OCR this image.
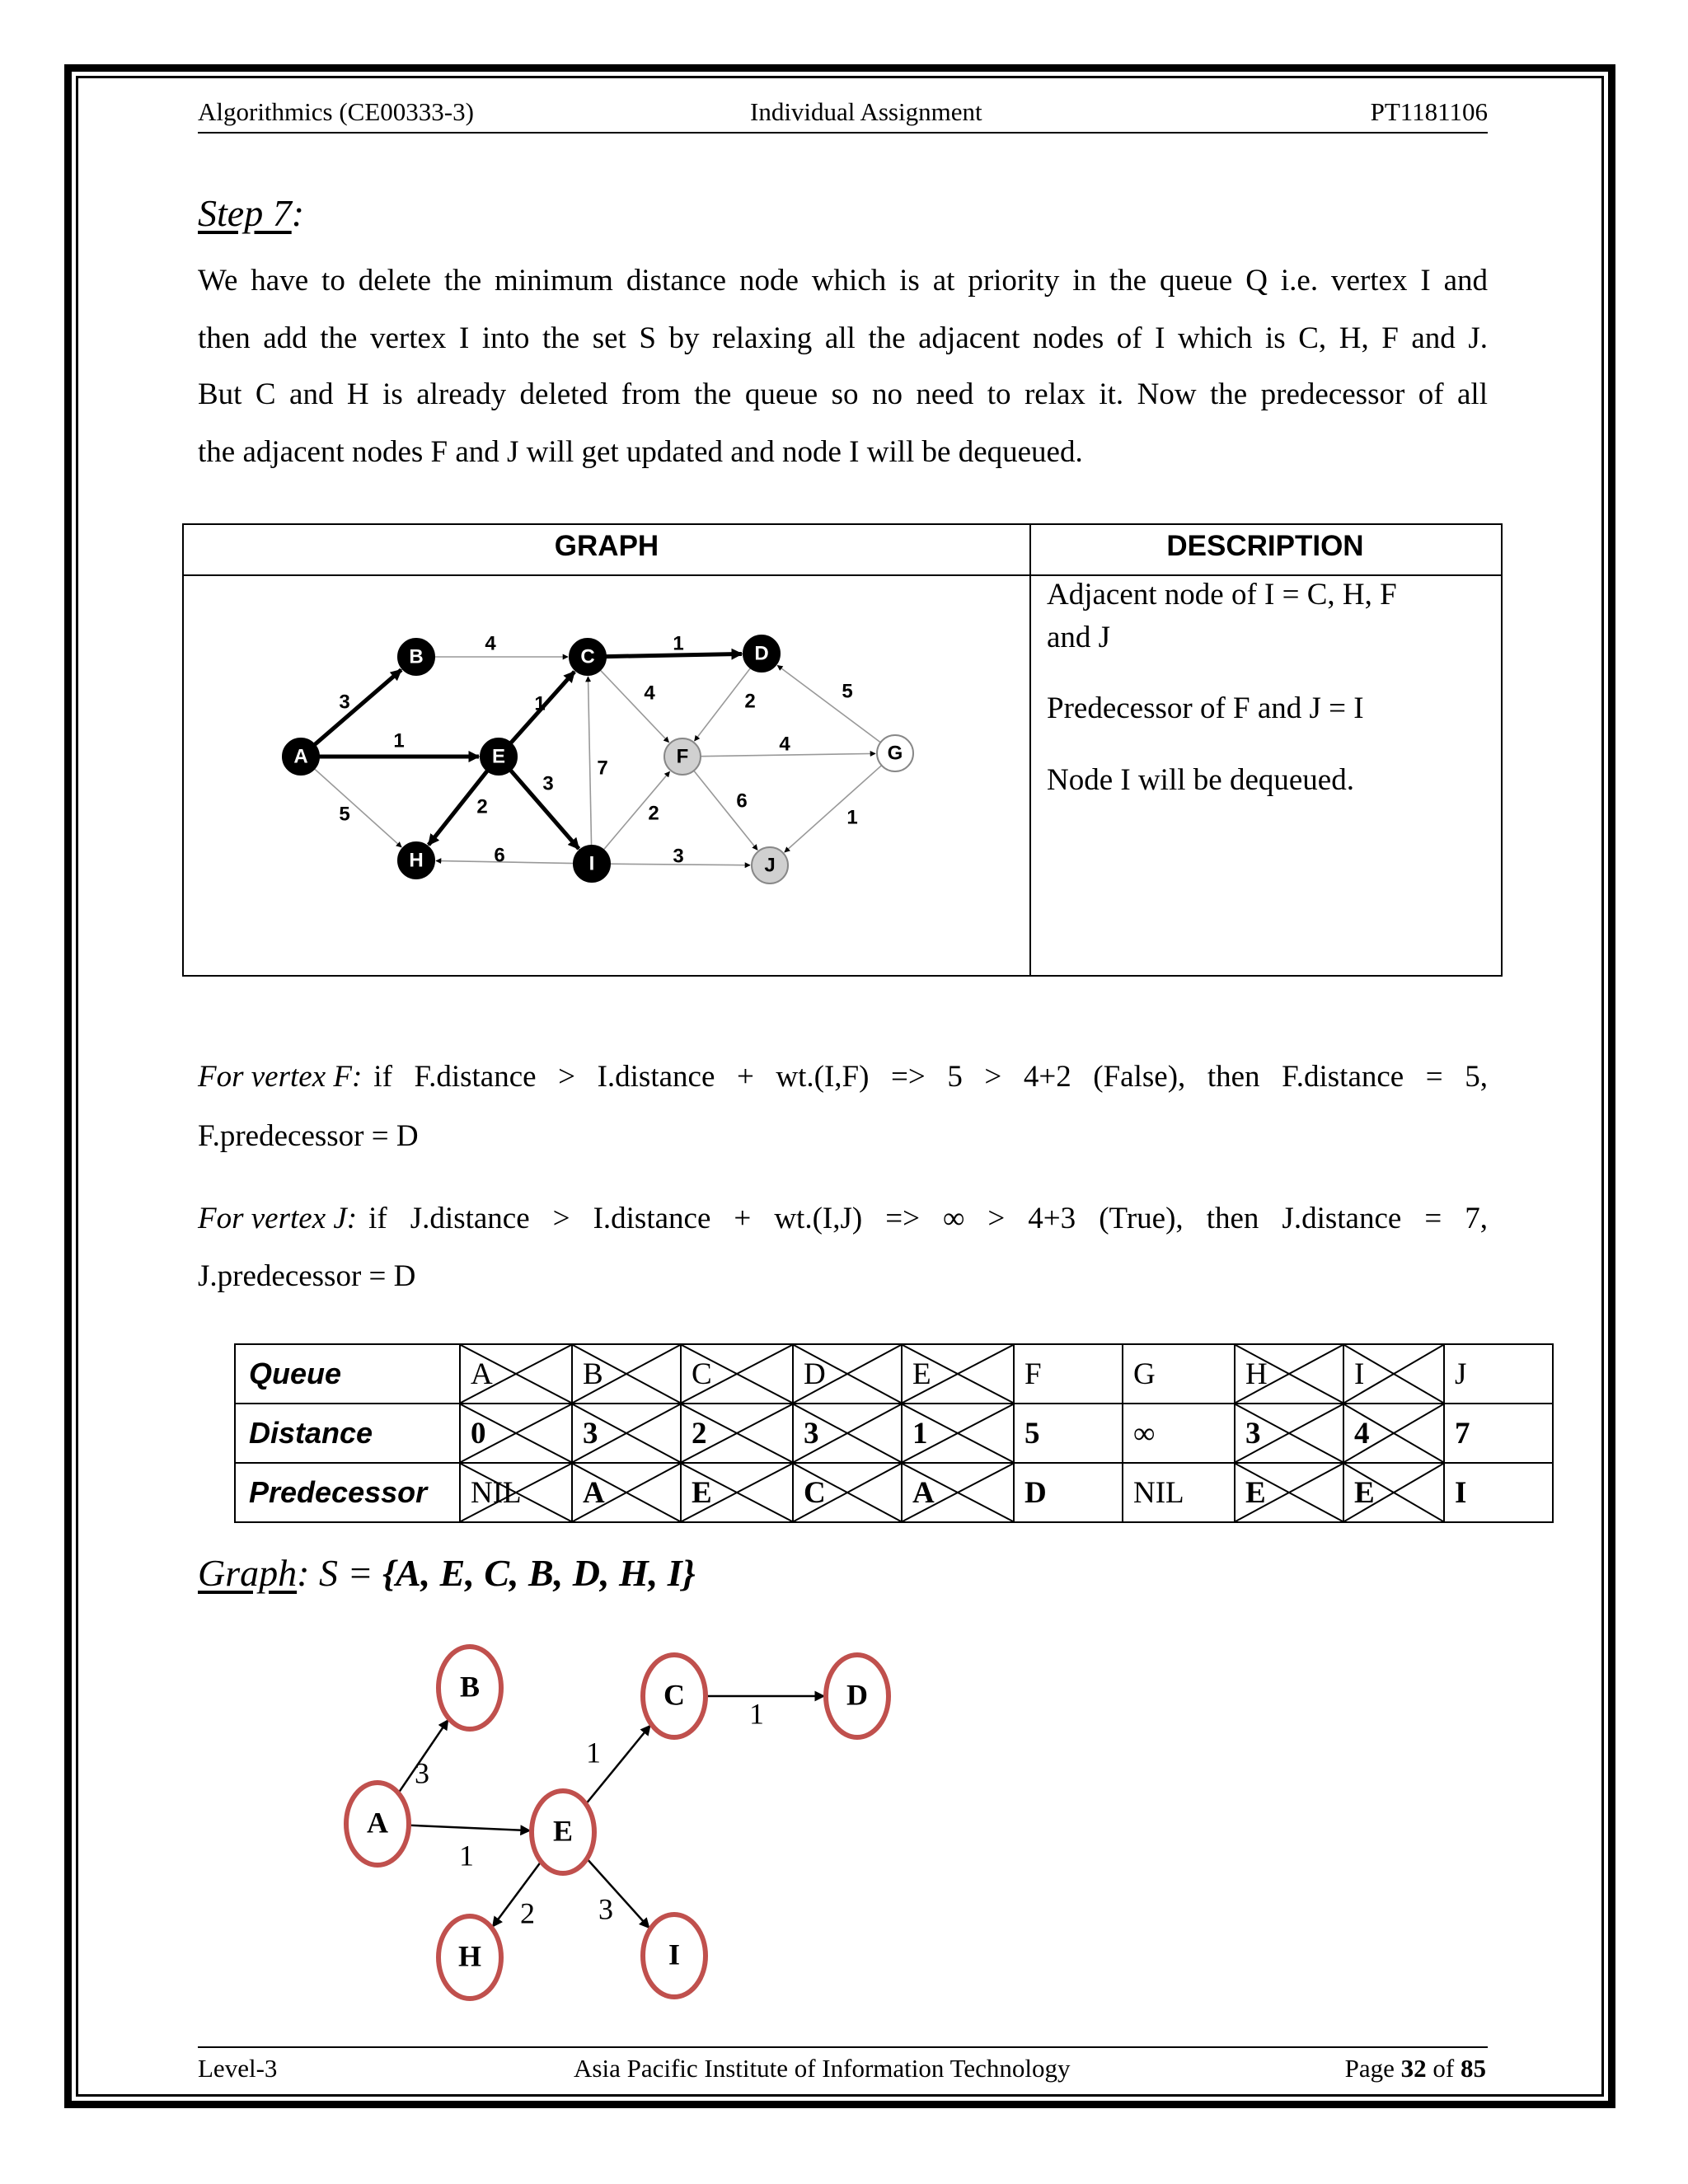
Algorithmics (CE00333-3)	Individual Assignment	PT1181106
Step 7:
We have to delete the minimum distance node which is at priority in the queue Q i.e. vertex I and
then add the vertex I into the set S by relaxing all the adjacent nodes of I which is C, H, F and J.
But C and H is already deleted from the queue so no need to relax it. Now the predecessor of all
the adjacent nodes F and J will get updated and node I will be dequeued.
GRAPH	DESCRIPTION
Adjacent node of I = C, H, F
and J
Predecessor of F and J = I
Node I will be dequeued.
3
1
5
4	1
4	2
1
2
3
7
6
2
3
4
6
5
1
A
B	C	D
E	F	G
H	I	J
3
1
1
1
2 3
A
B	C	D
E
H	I
For vertex F: if F.distance > I.distance + wt.(I,F) => 5 > 4+2 (False), then F.distance = 5,
F.predecessor = D
For vertex J: if J.distance > I.distance + wt.(I,J) => ∞ > 4+3 (True), then J.distance = 7,
J.predecessor = D
Queue	A	B	C	D	E	F	G	H	I	J
Distance	0	3	2	3	1	5	∞	3	4	7
Predecessor	NIL	A	E	C	A	D	NIL	E	E	I
Graph: S = {A, E, C, B, D, H, I}
Level-3	Asia Pacific Institute of Information Technology	Page 32 of 85
